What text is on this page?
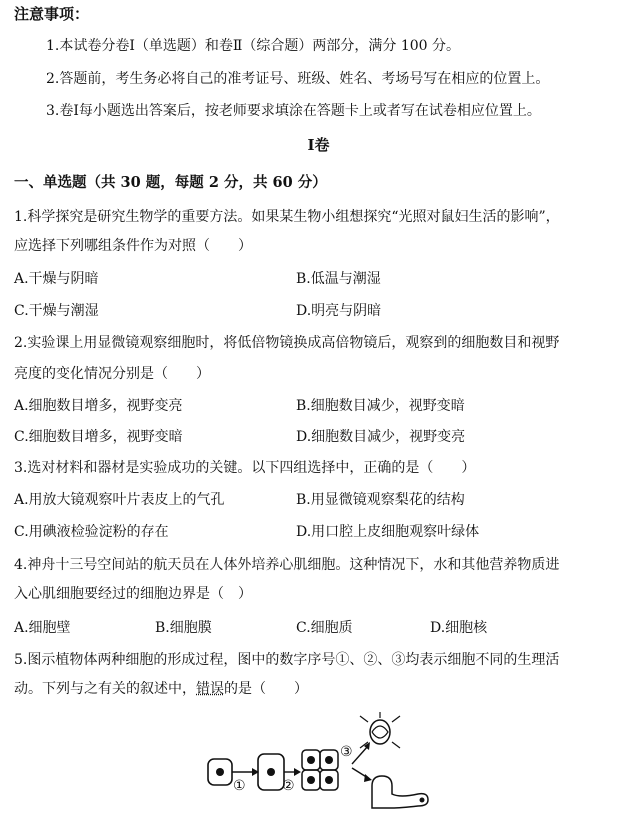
注意事项：
1.本试卷分卷Ⅰ（单选题）和卷Ⅱ（综合题）两部分，满分 100 分。
2.答题前，考生务必将自己的准考证号、班级、姓名、考场号写在相应的位置上。
3.卷Ⅰ每小题选出答案后，按老师要求填涂在答题卡上或者写在试卷相应位置上。
Ⅰ卷
一、单选题（共 30 题，每题 2 分，共 60 分）
1.科学探究是研究生物学的重要方法。如果某生物小组想探究“光照对鼠妇生活的影响”，
应选择下列哪组条件作为对照（　　）
A.干燥与阴暗	B.低温与潮湿
C.干燥与潮湿	D.明亮与阴暗
2.实验课上用显微镜观察细胞时，将低倍物镜换成高倍物镜后，观察到的细胞数目和视野
亮度的变化情况分别是（　　）
A.细胞数目增多，视野变亮	B.细胞数目减少，视野变暗
C.细胞数目增多，视野变暗	D.细胞数目减少，视野变亮
3.选对材料和器材是实验成功的关键。以下四组选择中，正确的是（　　）
A.用放大镜观察叶片表皮上的气孔	B.用显微镜观察梨花的结构
C.用碘液检验淀粉的存在	D.用口腔上皮细胞观察叶绿体
4.神舟十三号空间站的航天员在人体外培养心肌细胞。这种情况下，水和其他营养物质进
入心肌细胞要经过的细胞边界是（　）
A.细胞壁	B.细胞膜	C.细胞质	D.细胞核
5.图示植物体两种细胞的形成过程，图中的数字序号①、②、③均表示细胞不同的生理活
动。下列与之有关的叙述中，错误的是（　　）
①	②
③
